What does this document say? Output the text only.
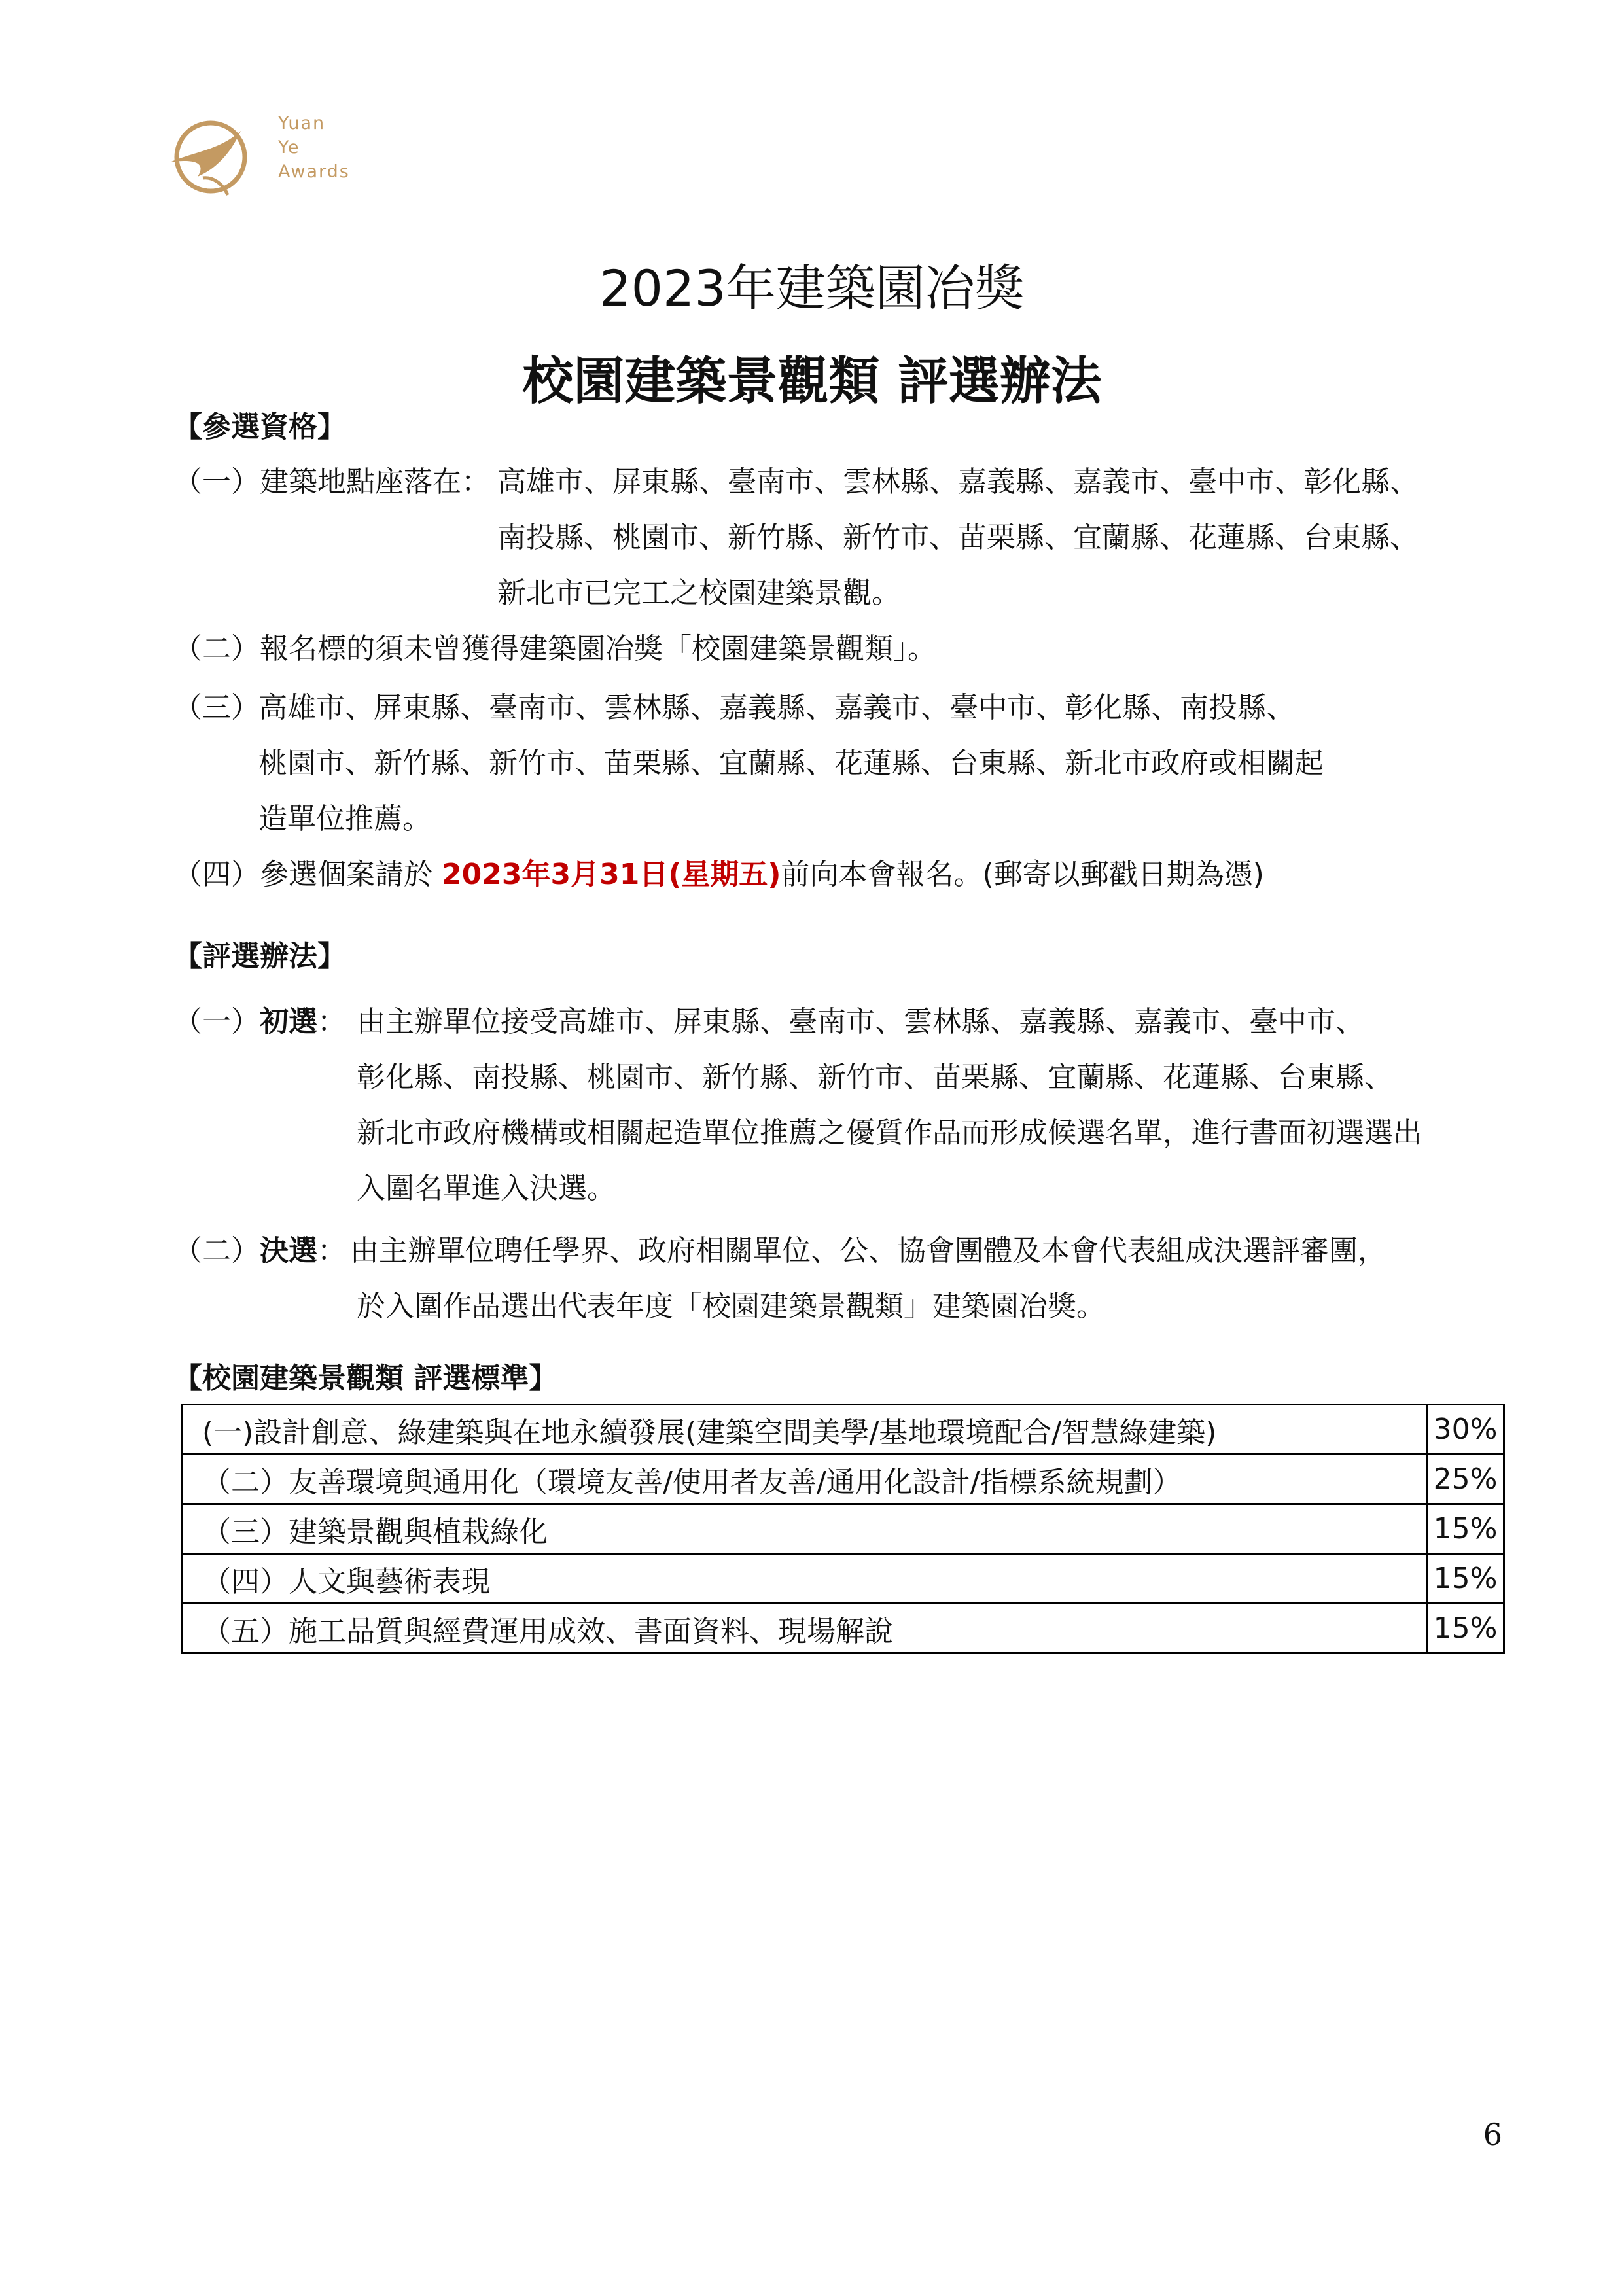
Yuan
Ye
Awards
2023年建築園冶獎
校園建築景觀類 評選辦法
【參選資格】
（一）建築地點座落在： 高雄市、屏東縣、臺南市、雲林縣、嘉義縣、嘉義市、臺中市、彰化縣、
南投縣、桃園市、新竹縣、新竹市、苗栗縣、宜蘭縣、花蓮縣、台東縣、
新北市已完工之校園建築景觀。
（二）報名標的須未曾獲得建築園冶獎「校園建築景觀類」。
（三）
高雄市、屏東縣、臺南市、雲林縣、嘉義縣、嘉義市、臺中市、彰化縣、南投縣、
桃園市、新竹縣、新竹市、苗栗縣、宜蘭縣、花蓮縣、台東縣、新北市政府或相關起
造單位推薦。
（四）參選個案請於 2023年3月31日(星期五)前向本會報名。(郵寄以郵戳日期為憑)
【評選辦法】
（一）初選： 由主辦單位接受高雄市、屏東縣、臺南市、雲林縣、嘉義縣、嘉義市、臺中市、
彰化縣、南投縣、桃園市、新竹縣、新竹市、苗栗縣、宜蘭縣、花蓮縣、台東縣、
新北市政府機構或相關起造單位推薦之優質作品而形成候選名單，進行書面初選選出
入圍名單進入決選。
（二）決選： 由主辦單位聘任學界、政府相關單位、公、協會團體及本會代表組成決選評審團，
於入圍作品選出代表年度「校園建築景觀類」建築園冶獎。
【校園建築景觀類 評選標準】
(一)設計創意、綠建築與在地永續發展(建築空間美學/基地環境配合/智慧綠建築)	30%
（二）友善環境與通用化（環境友善/使用者友善/通用化設計/指標系統規劃）	25%
（三）建築景觀與植栽綠化	15%
（四）人文與藝術表現	15%
（五）施工品質與經費運用成效、書面資料、現場解說	15%
6
